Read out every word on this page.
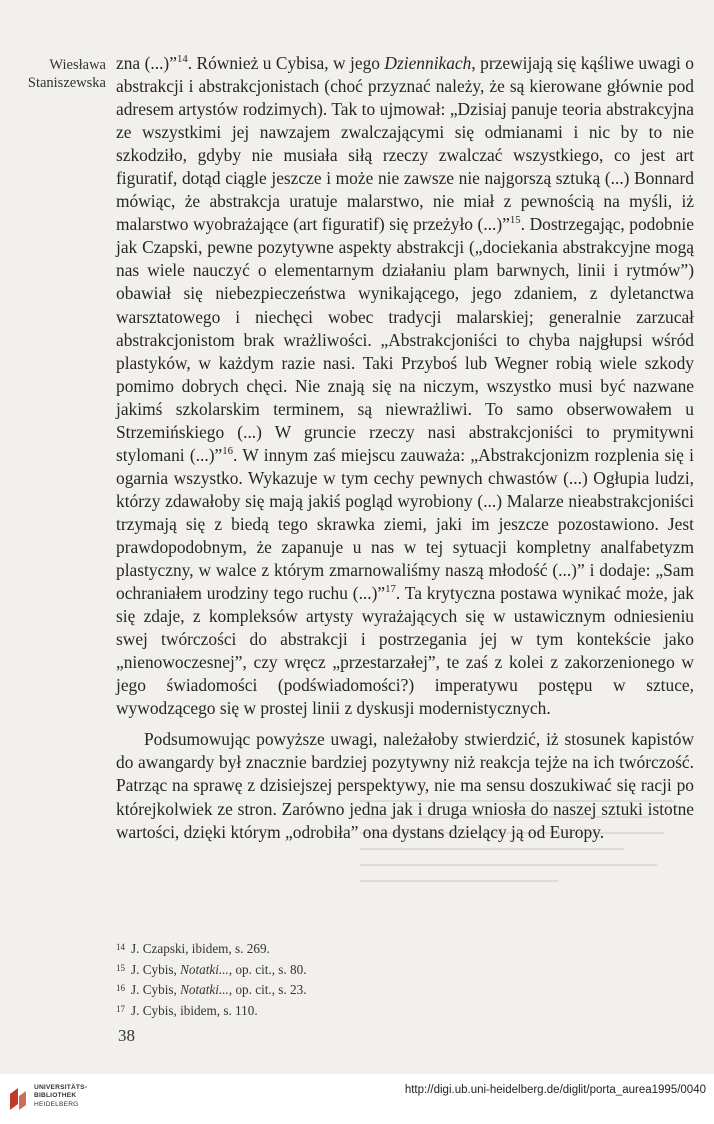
Wiesława
Staniszewska

zna (...)”$^{14}$. Również u Cybisa, w jego Dziennikach, przewijają się kąśliwe uwagi o abstrakcji i abstrakcjonistach (choć przyznać należy, że są kierowane głównie pod adresem artystów rodzimych). Tak to ujmował: „Dzisiaj panuje teoria abstrakcyjna ze wszystkimi jej nawzajem zwalczającymi się odmianami i nic by to nie szkodziło, gdyby nie musiała siłą rzeczy zwalczać wszystkiego, co jest art figuratif, dotąd ciągle jeszcze i może nie zawsze nie najgorszą sztuką (...) Bonnard mówiąc, że abstrakcja uratuje malarstwo, nie miał z pewnością na myśli, iż malarstwo wyobrażające (art figuratif) się przeżyło (...)”$^{15}$. Dostrzegając, podobnie jak Czapski, pewne pozytywne aspekty abstrakcji („dociekania abstrakcyjne mogą nas wiele nauczyć o elementarnym działaniu plam barwnych, linii i rytmów”) obawiał się niebezpieczeństwa wynikającego, jego zdaniem, z dyletanctwa warsztatowego i niechęci wobec tradycji malarskiej; generalnie zarzucał abstrakcjonistom brak wrażliwości. „Abstrakcjoniści to chyba najgłupsi wśród plastyków, w każdym razie nasi. Taki Przyboś lub Wegner robią wiele szkody pomimo dobrych chęci. Nie znają się na niczym, wszystko musi być nazwane jakimś szkolarskim terminem, są niewrażliwi. To samo obserwowałem u Strzemińskiego (...) W gruncie rzeczy nasi abstrakcjoniści to prymitywni stylomani (...)”$^{16}$. W innym zaś miejscu zauważa: „Abstrakcjonizm rozplenia się i ogarnia wszystko. Wykazuje w tym cechy pewnych chwastów (...) Ogłupia ludzi, którzy zdawałoby się mają jakiś pogląd wyrobiony (...) Malarze nieabstrakcjoniści trzymają się z biedą tego skrawka ziemi, jaki im jeszcze pozostawiono. Jest prawdopodobnym, że zapanuje u nas w tej sytuacji kompletny analfabetyzm plastyczny, w walce z którym zmarnowaliśmy naszą młodość (...)” i dodaje: „Sam ochraniałem urodziny tego ruchu (...)”$^{17}$. Ta krytyczna postawa wynikać może, jak się zdaje, z kompleksów artysty wyrażających się w ustawicznym odniesieniu swej twórczości do abstrakcji i postrzegania jej w tym kontekście jako „nienowoczesnej”, czy wręcz „przestarzałej”, te zaś z kolei z zakorzenionego w jego świadomości (podświadomości?) imperatywu postępu w sztuce, wywodzącego się w prostej linii z dyskusji modernistycznych.

Podsumowując powyższe uwagi, należałoby stwierdzić, iż stosunek kapistów do awangardy był znacznie bardziej pozytywny niż reakcja tejże na ich twórczość. Patrząc na sprawę z dzisiejszej perspektywy, nie ma sensu doszukiwać się racji po którejkolwiek ze stron. Zarówno jedna jak i druga wniosła do naszej sztuki istotne wartości, dzięki którym „odrobiła” ona dystans dzielący ją od Europy.

$^{14}$ J. Czapski, ibidem, s. 269.
$^{15}$ J. Cybis, Notatki..., op. cit., s. 80.
$^{16}$ J. Cybis, Notatki..., op. cit., s. 23.
$^{17}$ J. Cybis, ibidem, s. 110.
38
UNIVERSITÄTS-
BIBLIOTHEK
HEIDELBERG
http://digi.ub.uni-heidelberg.de/diglit/porta_aurea1995/0040
